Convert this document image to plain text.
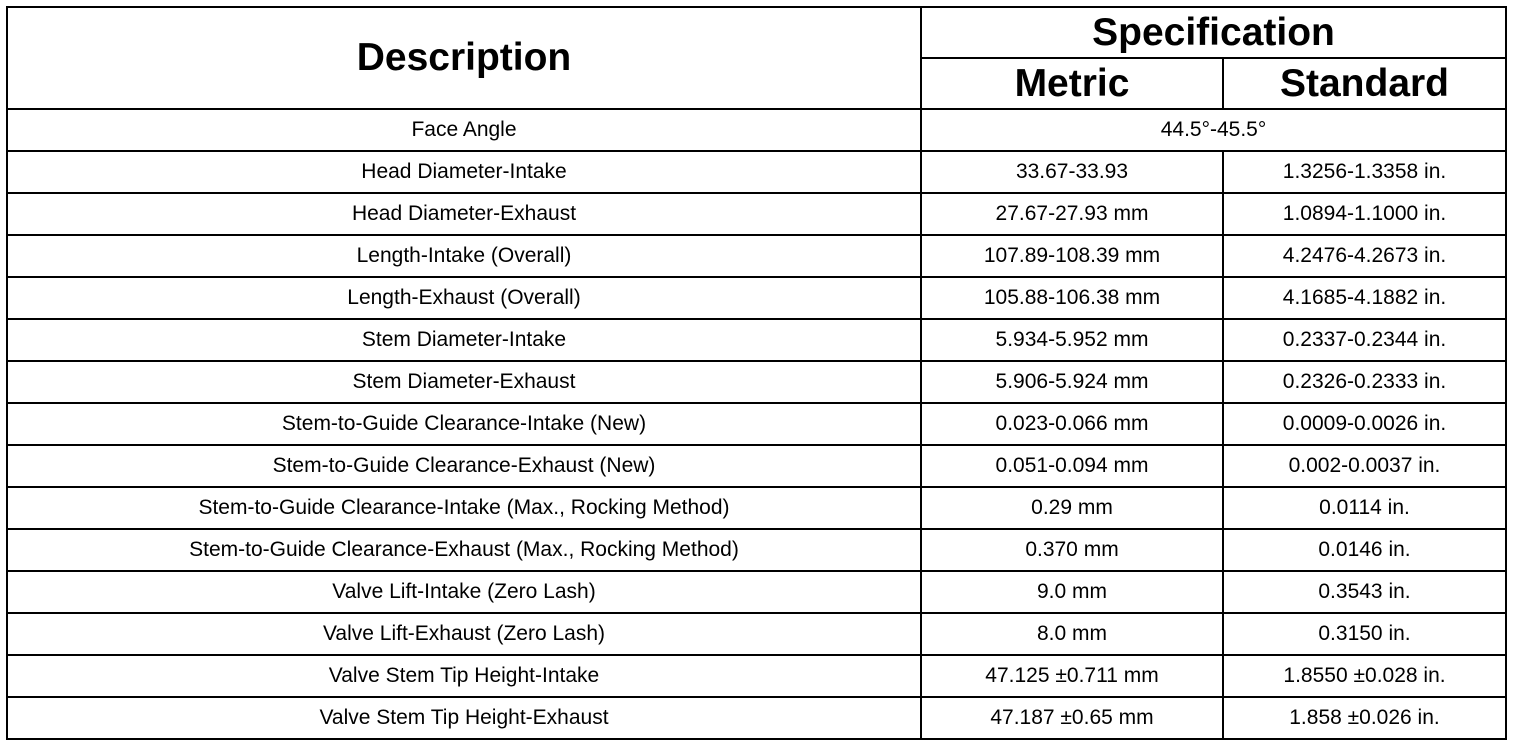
Description	Specification	
	Metric	Standard
Face Angle	44.5°-45.5°	
Head Diameter-Intake	33.67-33.93	1.3256-1.3358 in.
Head Diameter-Exhaust	27.67-27.93 mm	1.0894-1.1000 in.
Length-Intake (Overall)	107.89-108.39 mm	4.2476-4.2673 in.
Length-Exhaust (Overall)	105.88-106.38 mm	4.1685-4.1882 in.
Stem Diameter-Intake	5.934-5.952 mm	0.2337-0.2344 in.
Stem Diameter-Exhaust	5.906-5.924 mm	0.2326-0.2333 in.
Stem-to-Guide Clearance-Intake (New)	0.023-0.066 mm	0.0009-0.0026 in.
Stem-to-Guide Clearance-Exhaust (New)	0.051-0.094 mm	0.002-0.0037 in.
Stem-to-Guide Clearance-Intake (Max., Rocking Method)	0.29 mm	0.0114 in.
Stem-to-Guide Clearance-Exhaust (Max., Rocking Method)	0.370 mm	0.0146 in.
Valve Lift-Intake (Zero Lash)	9.0 mm	0.3543 in.
Valve Lift-Exhaust (Zero Lash)	8.0 mm	0.3150 in.
Valve Stem Tip Height-Intake	47.125 ±0.711 mm	1.8550 ±0.028 in.
Valve Stem Tip Height-Exhaust	47.187 ±0.65 mm	1.858 ±0.026 in.
